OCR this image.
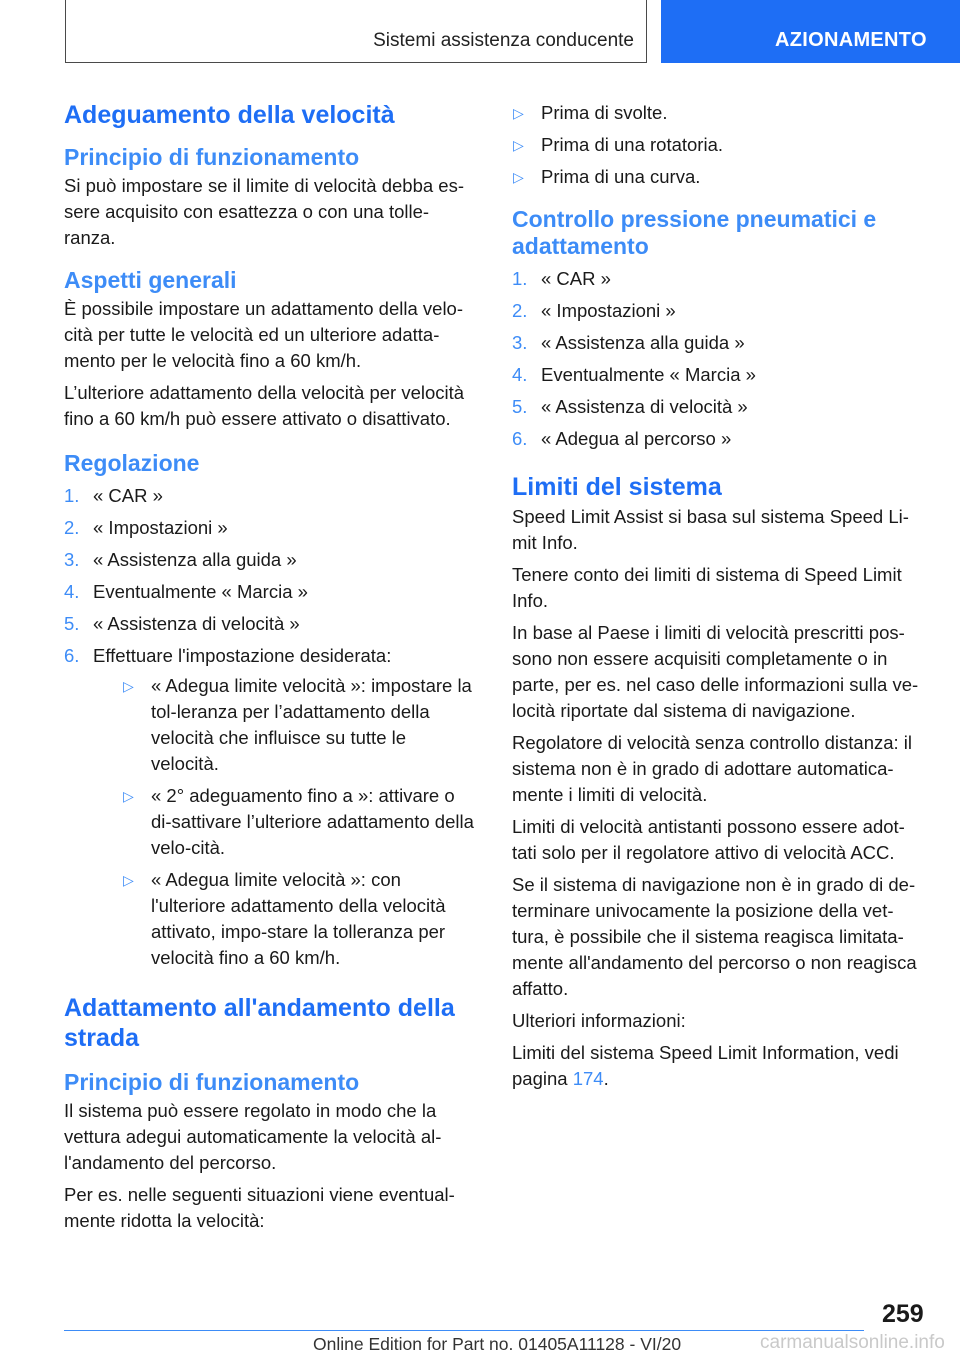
Sistemi assistenza conducente	AZIONAMENTO
Adeguamento della velocità
Principio di funzionamento

Si può impostare se il limite di velocità debba es-sere acquisito con esattezza o con una tolle-ranza.

Aspetti generali

È possibile impostare un adattamento della velo-cità per tutte le velocità ed un ulteriore adatta-mento per le velocità fino a 60 km/h.

L’ulteriore adattamento della velocità per velocità fino a 60 km/h può essere attivato o disattivato.

Regolazione
1. « CAR »
2. « Impostazioni »
3. « Assistenza alla guida »
4. Eventualmente « Marcia »
5. « Assistenza di velocità »
6. Effettuare l'impostazione desiderata:
▷ « Adegua limite velocità »: impostare la tol-leranza per l’adattamento della velocità che influisce su tutte le velocità.
▷ « 2° adeguamento fino a »: attivare o di-sattivare l’ulteriore adattamento della velo-cità.
▷ « Adegua limite velocità »: con l'ulteriore adattamento della velocità attivato, impo-stare la tolleranza per velocità fino a 60 km/h.
Adattamento all'andamento della strada
Principio di funzionamento

Il sistema può essere regolato in modo che la vettura adegui automaticamente la velocità al-l'andamento del percorso.

Per es. nelle seguenti situazioni viene eventual-mente ridotta la velocità:

▷ Prima di svolte.
▷ Prima di una rotatoria.
▷ Prima di una curva.
Controllo pressione pneumatici e adattamento
1. « CAR »
2. « Impostazioni »
3. « Assistenza alla guida »
4. Eventualmente « Marcia »
5. « Assistenza di velocità »
6. « Adegua al percorso »
Limiti del sistema

Speed Limit Assist si basa sul sistema Speed Li-mit Info.

Tenere conto dei limiti di sistema di Speed Limit Info.

In base al Paese i limiti di velocità prescritti pos-sono non essere acquisiti completamente o in parte, per es. nel caso delle informazioni sulla ve-locità riportate dal sistema di navigazione.

Regolatore di velocità senza controllo distanza: il sistema non è in grado di adottare automatica-mente i limiti di velocità.

Limiti di velocità antistanti possono essere adot-tati solo per il regolatore attivo di velocità ACC.

Se il sistema di navigazione non è in grado di de-terminare univocamente la posizione della vet-tura, è possibile che il sistema reagisca limitata-mente all'andamento del percorso o non reagisca affatto.

Ulteriori informazioni:

Limiti del sistema Speed Limit Information, vedi pagina 174.

259
Online Edition for Part no. 01405A11128 - VI/20	carmanualsonline.info
